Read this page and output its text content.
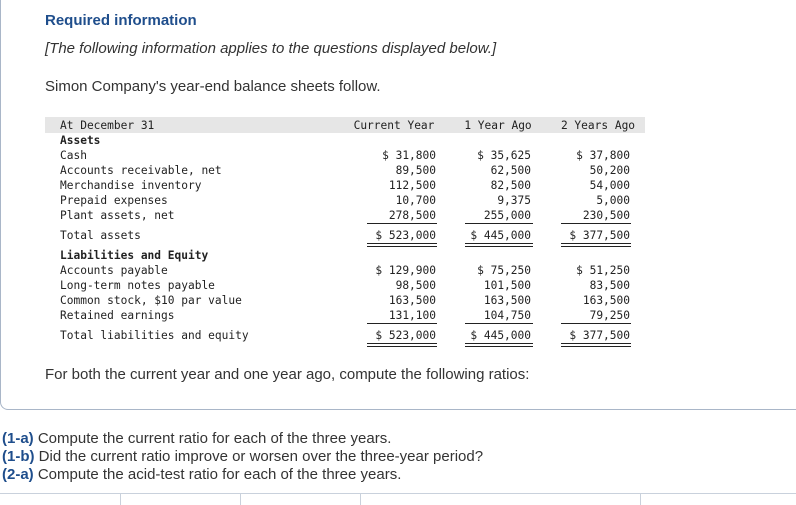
Required information
[The following information applies to the questions displayed below.]
Simon Company's year-end balance sheets follow.
At December 31	Current Year	1 Year Ago	2 Years Ago
Assets
Cash	$ 31,800	$ 35,625	$ 37,800
Accounts receivable, net	89,500	62,500	50,200
Merchandise inventory	112,500	82,500	54,000
Prepaid expenses	10,700	9,375	5,000
Plant assets, net	278,500	255,000	230,500
Total assets	$ 523,000	$ 445,000	$ 377,500
Liabilities and Equity
Accounts payable	$ 129,900	$ 75,250	$ 51,250
Long-term notes payable	98,500	101,500	83,500
Common stock, $10 par value	163,500	163,500	163,500
Retained earnings	131,100	104,750	79,250
Total liabilities and equity	$ 523,000	$ 445,000	$ 377,500
For both the current year and one year ago, compute the following ratios:
(1-a) Compute the current ratio for each of the three years.
(1-b) Did the current ratio improve or worsen over the three-year period?
(2-a) Compute the acid-test ratio for each of the three years.
